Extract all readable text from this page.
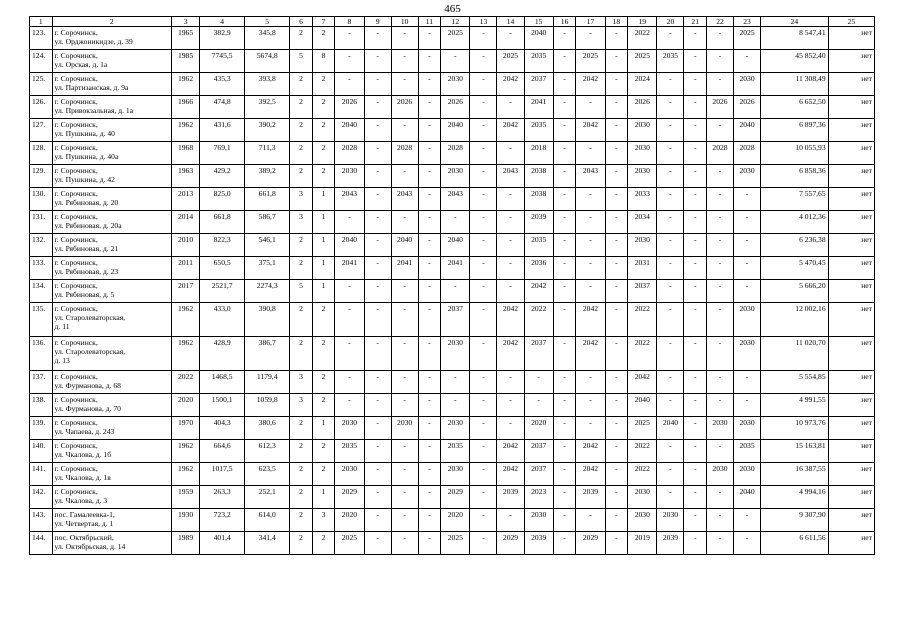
465
1	2	3	4	5	6	7	8	9	10	11	12	13	14	15	16	17	18	19	20	21	22	23	24	25
123.	г. Сорочинск,
ул. Орджоникидзе, д. 39	1965	382,9	345,8	2	2	-	-	-	-	2025	-	-	2040	-	-	-	2022	-	-	-	2025	8 547,41	нет
124.	г. Сорочинск,
ул. Орская, д. 1а	1985	7745,5	5674,8	5	8	-	-	-	-	-	-	2025	2035	-	2025	-	2025	2035	-	-	-	45 852,40	нет
125.	г. Сорочинск,
ул. Партизанская, д. 9а	1962	435,3	393,8	2	2	-	-	-	-	2030	-	2042	2037	-	2042	-	2024	-	-	-	2030	11 308,49	нет
126.	г. Сорочинск,
ул. Привокзальная, д. 1а	1966	474,8	392,5	2	2	2026	-	2026	-	2026	-	-	2041	-	-	-	2026	-	-	2026	2026	6 652,50	нет
127.	г. Сорочинск,
ул. Пушкина, д. 40	1962	431,6	390,2	2	2	2040	-	-	-	2040	-	2042	2035	-	2042	-	2030	-	-	-	2040	6 897,36	нет
128.	г. Сорочинск,
ул. Пушкина, д. 40а	1968	769,1	711,3	2	2	2028	-	2028	-	2028	-	-	2018	-	-	-	2030	-	-	2028	2028	10 055,93	нет
129.	г. Сорочинск,
ул. Пушкина, д. 42	1963	429,2	389,2	2	2	2030	-	-	-	2030	-	2043	2038	-	2043	-	2030	-	-	-	2030	6 858,36	нет
130.	г. Сорочинск,
ул. Рябиновая, д. 20	2013	825,0	661,8	3	1	2043	-	2043	-	2043	-	-	2038	-	-	-	2033	-	-	-	-	7 557,65	нет
131.	г. Сорочинск,
ул. Рябиновая, д. 20а	2014	661,8	586,7	3	1	-	-	-	-	-	-	-	2039	-	-	-	2034	-	-	-	-	4 012,36	нет
132.	г. Сорочинск,
ул. Рябиновая, д. 21	2010	822,3	546,1	2	1	2040	-	2040	-	2040	-	-	2035	-	-	-	2030	-	-	-	-	6 236,38	нет
133.	г. Сорочинск,
ул. Рябиновая, д. 23	2011	650,5	375,1	2	1	2041	-	2041	-	2041	-	-	2036	-	-	-	2031	-	-	-	-	5 470,45	нет
134.	г. Сорочинск,
ул. Рябиновая, д. 5	2017	2521,7	2274,3	5	1	-	-	-	-	-	-	-	2042	-	-	-	2037	-	-	-	-	5 666,20	нет
135.	г. Сорочинск,
ул. Старолеваторская,
д. 11	1962	433,0	390,8	2	2	-	-	-	-	2037	-	2042	2022	-	2042	-	2022	-	-	-	2030	12 002,16	нет
136.	г. Сорочинск,
ул. Старолеваторская,
д. 13	1962	428,9	386,7	2	2	-	-	-	-	2030	-	2042	2037	-	2042	-	2022	-	-	-	2030	11 020,70	нет
137.	г. Сорочинск,
ул. Фурманова, д. 68	2022	1468,5	1179,4	3	2	-	-	-	-	-	-	-	-	-	-	-	2042	-	-	-	-	5 554,85	нет
138.	г. Сорочинск,
ул. Фурманова, д. 70	2020	1500,1	1059,8	3	2	-	-	-	-	-	-	-	-	-	-	-	2040	-	-	-	-	4 991,55	нет
139.	г. Сорочинск,
ул. Чапаева, д. 243	1970	404,3	380,6	2	1	2030	-	2030	-	2030	-	-	2020	-	-	-	2025	2040	-	2030	2030	10 973,76	нет
140.	г. Сорочинск,
ул. Чкалова, д. 1б	1962	664,6	612,3	2	2	2035	-	-	-	2035	-	2042	2037	-	2042	-	2022	-	-	-	2035	15 163,81	нет
141.	г. Сорочинск,
ул. Чкалова, д. 1в	1962	1017,5	623,5	2	2	2030	-	-	-	2030	-	2042	2037	-	2042	-	2022	-	-	2030	2030	16 387,55	нет
142.	г. Сорочинск,
ул. Чкалова, д. 3	1959	263,3	252,1	2	1	2029	-	-	-	2029	-	2039	2023	-	2039	-	2030	-	-	-	2040	4 994,16	нет
143.	пос. Гамалеевка-1,
ул. Четвертая, д. 1	1930	723,2	614,0	2	3	2020	-	-	-	2020	-	-	2030	-	-	-	2030	2030	-	-	-	9 307,90	нет
144.	пос. Октябрьский,
ул. Октябрьская, д. 14	1989	401,4	341,4	2	2	2025	-	-	-	2025	-	2029	2039	-	2029	-	2019	2039	-	-	-	6 611,56	нет
